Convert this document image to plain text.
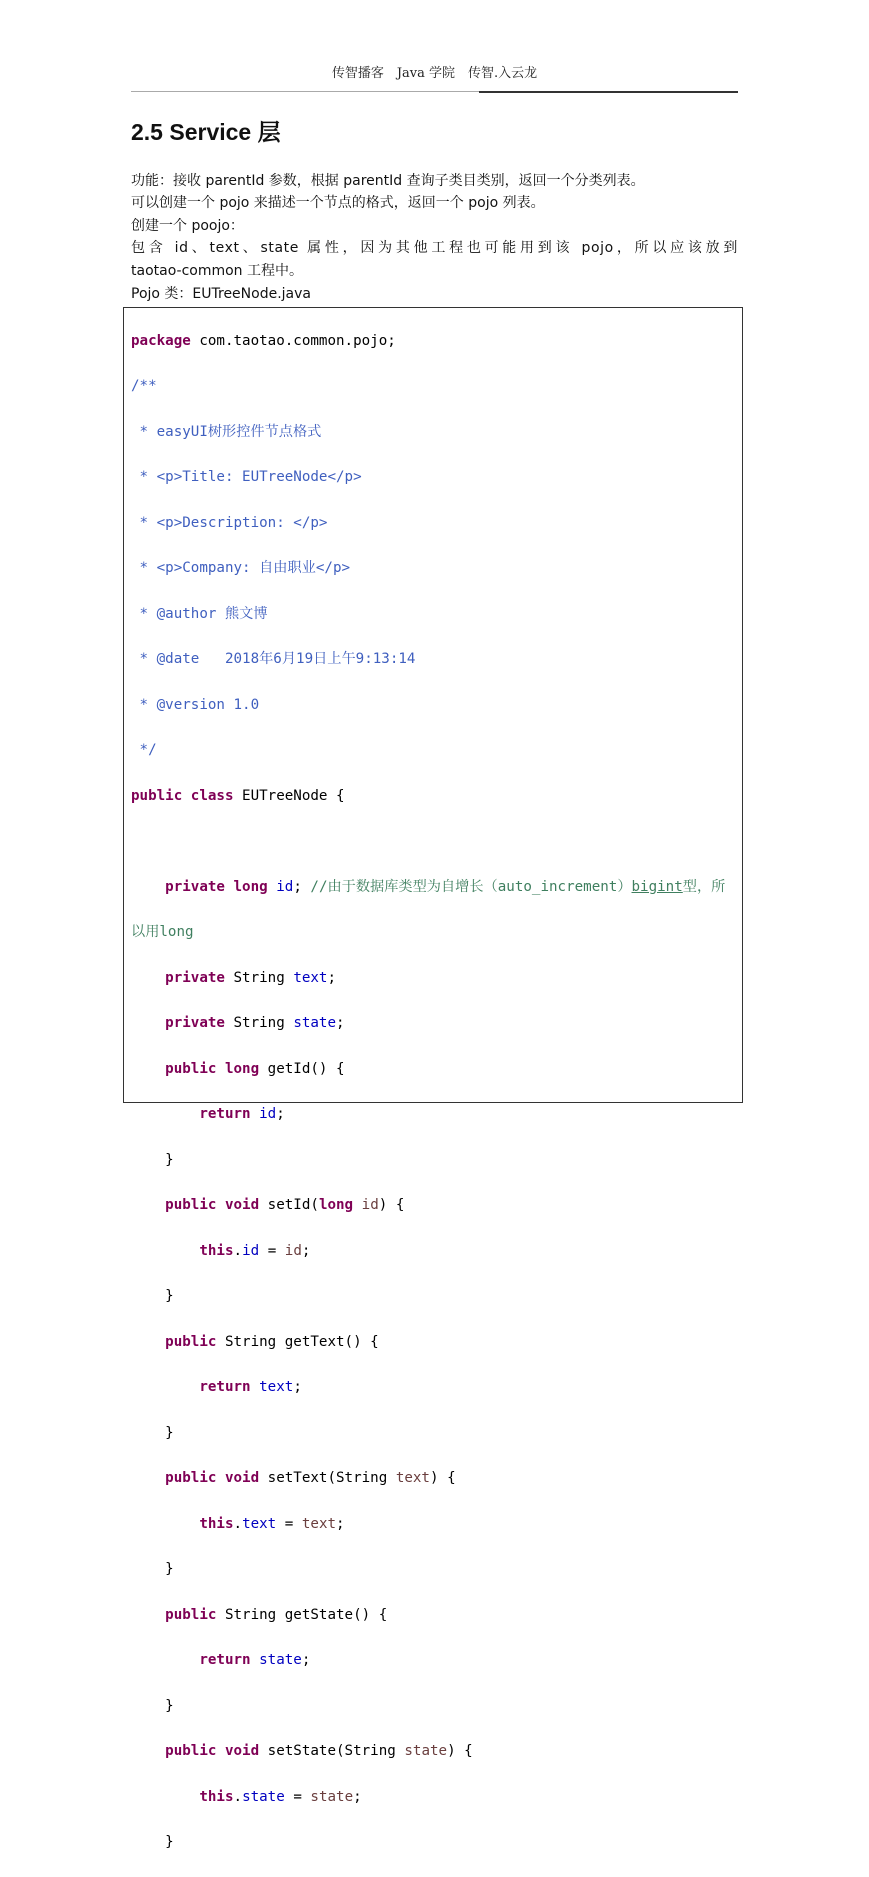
传智播客　Java 学院　传智.入云龙
2.5 Service 层
功能：接收 parentId 参数，根据 parentId 查询子类目类别，返回一个分类列表。
可以创建一个 pojo 来描述一个节点的格式，返回一个 pojo 列表。
创建一个 poojo：
包含 id、text、state 属性，因为其他工程也可能用到该 pojo，所以应该放到
taotao-common 工程中。
Pojo 类：EUTreeNode.java

package com.taotao.common.pojo;

/**

* easyUI树形控件节点格式

* <p>Title: EUTreeNode</p>

* <p>Description: </p>

* <p>Company: 自由职业</p>

* @author 熊文博

* @date   2018年6月19日上午9:13:14

* @version 1.0

*/

public class EUTreeNode {

private long id; //由于数据库类型为自增长（auto_increment）bigint型，所

以用long

private String text;

private String state;

public long getId() {

return id;

}

public void setId(long id) {

this.id = id;

}

public String getText() {

return text;

}

public void setText(String text) {

this.text = text;

}

public String getState() {

return state;

}

public void setState(String state) {

this.state = state;

}
